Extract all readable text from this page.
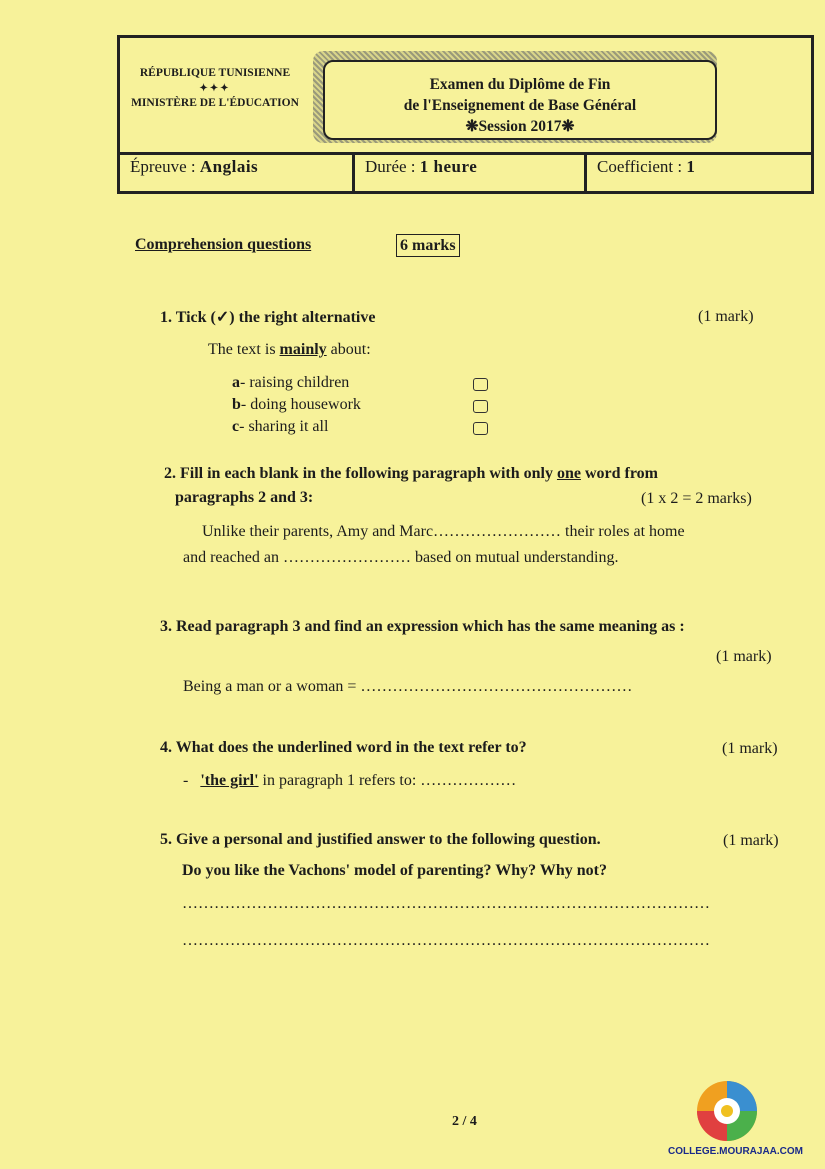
RÉPUBLIQUE TUNISIENNE
✦✦✦
MINISTÈRE DE L'ÉDUCATION
Examen du Diplôme de Fin
de l'Enseignement de Base Général
❋Session 2017❋
Épreuve : Anglais	Durée : 1 heure	Coefficient : 1
Comprehension questions	6 marks
1. Tick (✓) the right alternative	(1 mark)
The text is mainly about:
a- raising children
b- doing housework
c- sharing it all
2. Fill in each blank in the following paragraph with only one word from
paragraphs 2 and 3:	(1 x 2 = 2 marks)
Unlike their parents, Amy and Marc…………………… their roles at home
and reached an …………………… based on mutual understanding.
3. Read paragraph 3 and find an expression which has the same meaning as :
(1 mark)
Being a man or a woman = ……………………………………………
4. What does the underlined word in the text refer to?	(1 mark)
- 'the girl' in paragraph 1 refers to: ………………
5. Give a personal and justified answer to the following question.	(1 mark)
Do you like the Vachons' model of parenting? Why? Why not?
………………………………………………………………………………………
………………………………………………………………………………………
2 / 4
COLLEGE.MOURAJAA.COM
